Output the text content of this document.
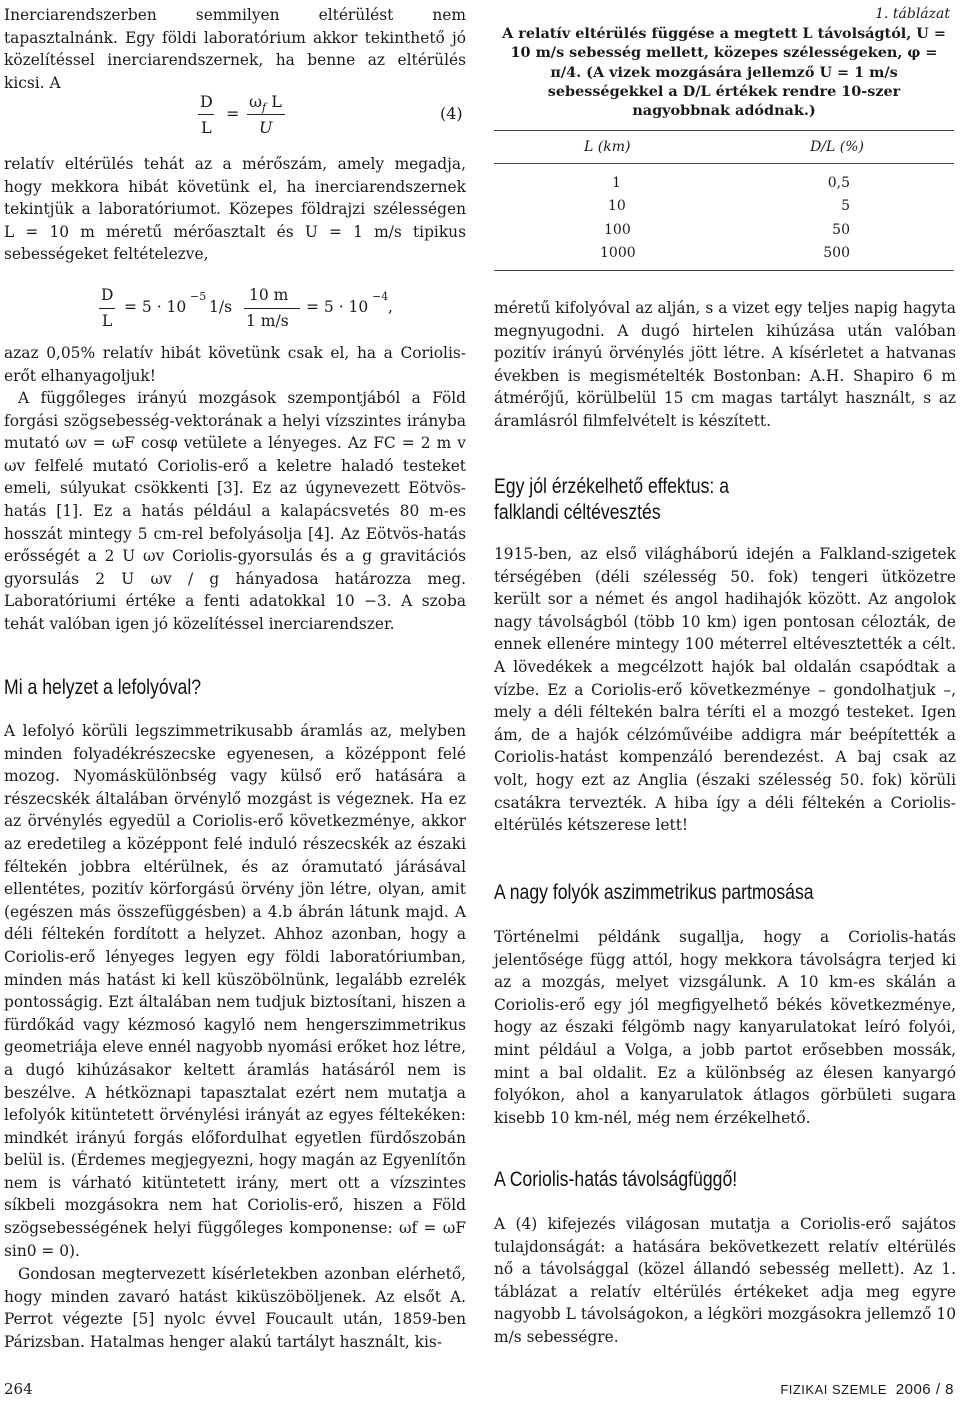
Inerciarendszerben semmilyen eltérülést nem tapasztalnánk. Egy földi laboratórium akkor tekinthető jó közelítéssel inerciarendszernek, ha benne az eltérülés kicsi. A

D
L
=
$\omega_f$ L
U
(4)

relatív eltérülés tehát az a mérőszám, amely megadja, hogy mekkora hibát követünk el, ha inerciarendszernek tekintjük a laboratóriumot. Közepes földrajzi szélességen L = 10 m méretű mérőasztalt és U = 1 m/s tipikus sebességeket feltételezve,

D
L
= 5 · 10
−5
1/s
10 m
1 m/s
= 5 · 10
−4
,

azaz 0,05% relatív hibát követünk csak el, ha a Coriolis-erőt elhanyagoljuk!

A függőleges irányú mozgások szempontjából a Föld forgási szögsebesség-vektorának a helyi vízszintes irányba mutató ωv = ωF cosφ vetülete a lényeges. Az FC = 2 m v ωv felfelé mutató Coriolis-erő a keletre haladó testeket emeli, súlyukat csökkenti [3]. Ez az úgynevezett Eötvös-hatás [1]. Ez a hatás például a kalapácsvetés 80 m-es hosszát mintegy 5 cm-rel befolyásolja [4]. Az Eötvös-hatás erősségét a 2 U ωv Coriolis-gyorsulás és a g gravitációs gyorsulás 2 U ωv / g hányadosa határozza meg. Laboratóriumi értéke a fenti adatokkal 10 −3. A szoba tehát valóban igen jó közelítéssel inerciarendszer.

Mi a helyzet a lefolyóval?

A lefolyó körüli legszimmetrikusabb áramlás az, melyben minden folyadékrészecske egyenesen, a középpont felé mozog. Nyomáskülönbség vagy külső erő hatására a részecskék általában örvénylő mozgást is végeznek. Ha ez az örvénylés egyedül a Coriolis-erő következménye, akkor az eredetileg a középpont felé induló részecskék az északi féltekén jobbra eltérülnek, és az óramutató járásával ellentétes, pozitív körforgású örvény jön létre, olyan, amit (egészen más összefüggésben) a 4.b ábrán látunk majd. A déli féltekén fordított a helyzet. Ahhoz azonban, hogy a Coriolis-erő lényeges legyen egy földi laboratóriumban, minden más hatást ki kell küszöbölnünk, legalább ezrelék pontosságig. Ezt általában nem tudjuk biztosítani, hiszen a fürdőkád vagy kézmosó kagyló nem hengerszimmetrikus geometriája eleve ennél nagyobb nyomási erőket hoz létre, a dugó kihúzásakor keltett áramlás hatásáról nem is beszélve. A hétköznapi tapasztalat ezért nem mutatja a lefolyók kitüntetett örvénylési irányát az egyes féltekéken: mindkét irányú forgás előfordulhat egyetlen fürdőszobán belül is. (Érdemes megjegyezni, hogy magán az Egyenlítőn nem is várható kitüntetett irány, mert ott a vízszintes síkbeli mozgásokra nem hat Coriolis-erő, hiszen a Föld szögsebességének helyi függőleges komponense: ωf = ωF sin0 = 0).

Gondosan megtervezett kísérletekben azonban elérhető, hogy minden zavaró hatást kiküszöböljenek. Az elsőt A. Perrot végezte [5] nyolc évvel Foucault után, 1859-ben Párizsban. Hatalmas henger alakú tartályt használt, kis-

1. táblázat
A relatív eltérülés függése a megtett L távolságtól, U = 10 m/s sebesség mellett, közepes szélességeken, φ = π/4. (A vizek mozgására jellemző U = 1 m/s sebességekkel a D/L értékek rendre 10-szer nagyobbnak adódnak.)
L (km)	D/L (%)
1	0,5
10	5
100	50
1000	500

méretű kifolyóval az alján, s a vizet egy teljes napig hagyta megnyugodni. A dugó hirtelen kihúzása után valóban pozitív irányú örvénylés jött létre. A kísérletet a hatvanas években is megismételték Bostonban: A.H. Shapiro 6 m átmérőjű, körülbelül 15 cm magas tartályt használt, s az áramlásról filmfelvételt is készített.

Egy jól érzékelhető effektus: a falklandi céltévesztés

1915-ben, az első világháború idején a Falkland-szigetek térségében (déli szélesség 50. fok) tengeri ütközetre került sor a német és angol hadihajók között. Az angolok nagy távolságból (több 10 km) igen pontosan célozták, de ennek ellenére mintegy 100 méterrel eltévesztették a célt. A lövedékek a megcélzott hajók bal oldalán csapódtak a vízbe. Ez a Coriolis-erő következménye – gondolhatjuk –, mely a déli féltekén balra téríti el a mozgó testeket. Igen ám, de a hajók célzóművéibe addigra már beépítették a Coriolis-hatást kompenzáló berendezést. A baj csak az volt, hogy ezt az Anglia (északi szélesség 50. fok) körüli csatákra tervezték. A hiba így a déli féltekén a Coriolis-eltérülés kétszerese lett!

A nagy folyók aszimmetrikus partmosása

Történelmi példánk sugallja, hogy a Coriolis-hatás jelentősége függ attól, hogy mekkora távolságra terjed ki az a mozgás, melyet vizsgálunk. A 10 km-es skálán a Coriolis-erő egy jól megfigyelhető békés következménye, hogy az északi félgömb nagy kanyarulatokat leíró folyói, mint például a Volga, a jobb partot erősebben mossák, mint a bal oldalit. Ez a különbség az élesen kanyargó folyókon, ahol a kanyarulatok átlagos görbületi sugara kisebb 10 km-nél, még nem érzékelhető.

A Coriolis-hatás távolságfüggő!

A (4) kifejezés világosan mutatja a Coriolis-erő sajátos tulajdonságát: a hatására bekövetkezett relatív eltérülés nő a távolsággal (közel állandó sebesség mellett). Az 1. táblázat a relatív eltérülés értékeket adja meg egyre nagyobb L távolságokon, a légköri mozgásokra jellemző 10 m/s sebességre.

264	FIZIKAI SZEMLE 2006 / 8
